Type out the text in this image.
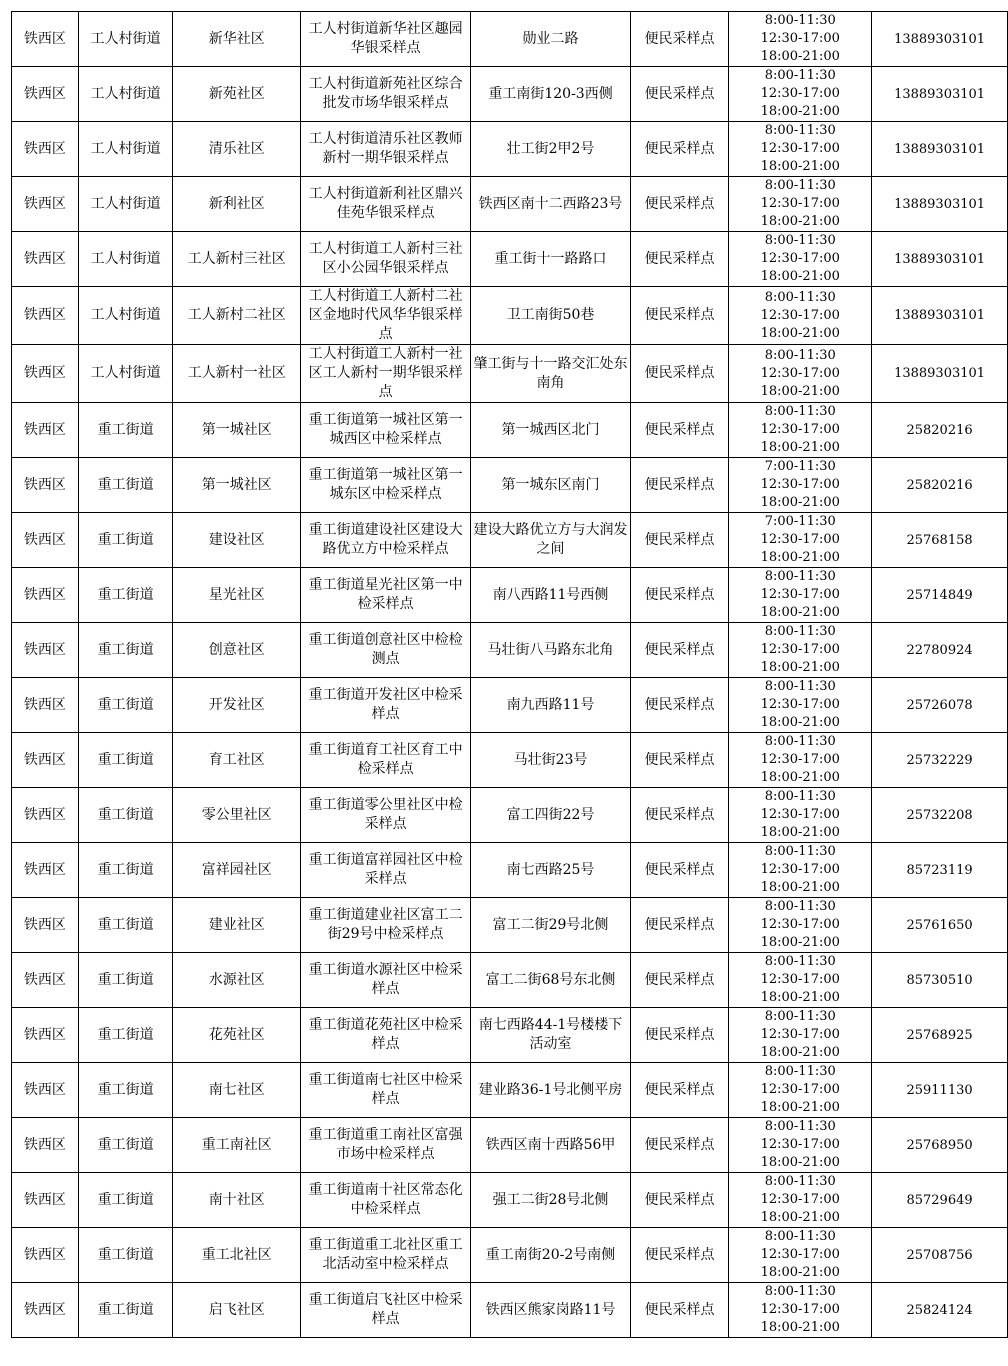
铁西区	工人村街道	新华社区	工人村街道新华社区趣园华银采样点	勋业二路	便民采样点	8:00-11:30
12:30-17:00
18:00-21:00	13889303101
铁西区	工人村街道	新苑社区	工人村街道新苑社区综合批发市场华银采样点	重工南街120-3西侧	便民采样点	8:00-11:30
12:30-17:00
18:00-21:00	13889303101
铁西区	工人村街道	清乐社区	工人村街道清乐社区教师新村一期华银采样点	壮工街2甲2号	便民采样点	8:00-11:30
12:30-17:00
18:00-21:00	13889303101
铁西区	工人村街道	新利社区	工人村街道新利社区鼎兴佳苑华银采样点	铁西区南十二西路23号	便民采样点	8:00-11:30
12:30-17:00
18:00-21:00	13889303101
铁西区	工人村街道	工人新村三社区	工人村街道工人新村三社区小公园华银采样点	重工街十一路路口	便民采样点	8:00-11:30
12:30-17:00
18:00-21:00	13889303101
铁西区	工人村街道	工人新村二社区	工人村街道工人新村二社区金地时代风华华银采样点	卫工南街50巷	便民采样点	8:00-11:30
12:30-17:00
18:00-21:00	13889303101
铁西区	工人村街道	工人新村一社区	工人村街道工人新村一社区工人新村一期华银采样点	肇工街与十一路交汇处东南角	便民采样点	8:00-11:30
12:30-17:00
18:00-21:00	13889303101
铁西区	重工街道	第一城社区	重工街道第一城社区第一城西区中检采样点	第一城西区北门	便民采样点	8:00-11:30
12:30-17:00
18:00-21:00	25820216
铁西区	重工街道	第一城社区	重工街道第一城社区第一城东区中检采样点	第一城东区南门	便民采样点	7:00-11:30
12:30-17:00
18:00-21:00	25820216
铁西区	重工街道	建设社区	重工街道建设社区建设大路优立方中检采样点	建设大路优立方与大润发之间	便民采样点	7:00-11:30
12:30-17:00
18:00-21:00	25768158
铁西区	重工街道	星光社区	重工街道星光社区第一中检采样点	南八西路11号西侧	便民采样点	8:00-11:30
12:30-17:00
18:00-21:00	25714849
铁西区	重工街道	创意社区	重工街道创意社区中检检测点	马壮街八马路东北角	便民采样点	8:00-11:30
12:30-17:00
18:00-21:00	22780924
铁西区	重工街道	开发社区	重工街道开发社区中检采样点	南九西路11号	便民采样点	8:00-11:30
12:30-17:00
18:00-21:00	25726078
铁西区	重工街道	育工社区	重工街道育工社区育工中检采样点	马壮街23号	便民采样点	8:00-11:30
12:30-17:00
18:00-21:00	25732229
铁西区	重工街道	零公里社区	重工街道零公里社区中检采样点	富工四街22号	便民采样点	8:00-11:30
12:30-17:00
18:00-21:00	25732208
铁西区	重工街道	富祥园社区	重工街道富祥园社区中检采样点	南七西路25号	便民采样点	8:00-11:30
12:30-17:00
18:00-21:00	85723119
铁西区	重工街道	建业社区	重工街道建业社区富工二街29号中检采样点	富工二街29号北侧	便民采样点	8:00-11:30
12:30-17:00
18:00-21:00	25761650
铁西区	重工街道	水源社区	重工街道水源社区中检采样点	富工二街68号东北侧	便民采样点	8:00-11:30
12:30-17:00
18:00-21:00	85730510
铁西区	重工街道	花苑社区	重工街道花苑社区中检采样点	南七西路44-1号楼楼下活动室	便民采样点	8:00-11:30
12:30-17:00
18:00-21:00	25768925
铁西区	重工街道	南七社区	重工街道南七社区中检采样点	建业路36-1号北侧平房	便民采样点	8:00-11:30
12:30-17:00
18:00-21:00	25911130
铁西区	重工街道	重工南社区	重工街道重工南社区富强市场中检采样点	铁西区南十西路56甲	便民采样点	8:00-11:30
12:30-17:00
18:00-21:00	25768950
铁西区	重工街道	南十社区	重工街道南十社区常态化中检采样点	强工二街28号北侧	便民采样点	8:00-11:30
12:30-17:00
18:00-21:00	85729649
铁西区	重工街道	重工北社区	重工街道重工北社区重工北活动室中检采样点	重工南街20-2号南侧	便民采样点	8:00-11:30
12:30-17:00
18:00-21:00	25708756
铁西区	重工街道	启飞社区	重工街道启飞社区中检采样点	铁西区熊家岗路11号	便民采样点	8:00-11:30
12:30-17:00
18:00-21:00	25824124
